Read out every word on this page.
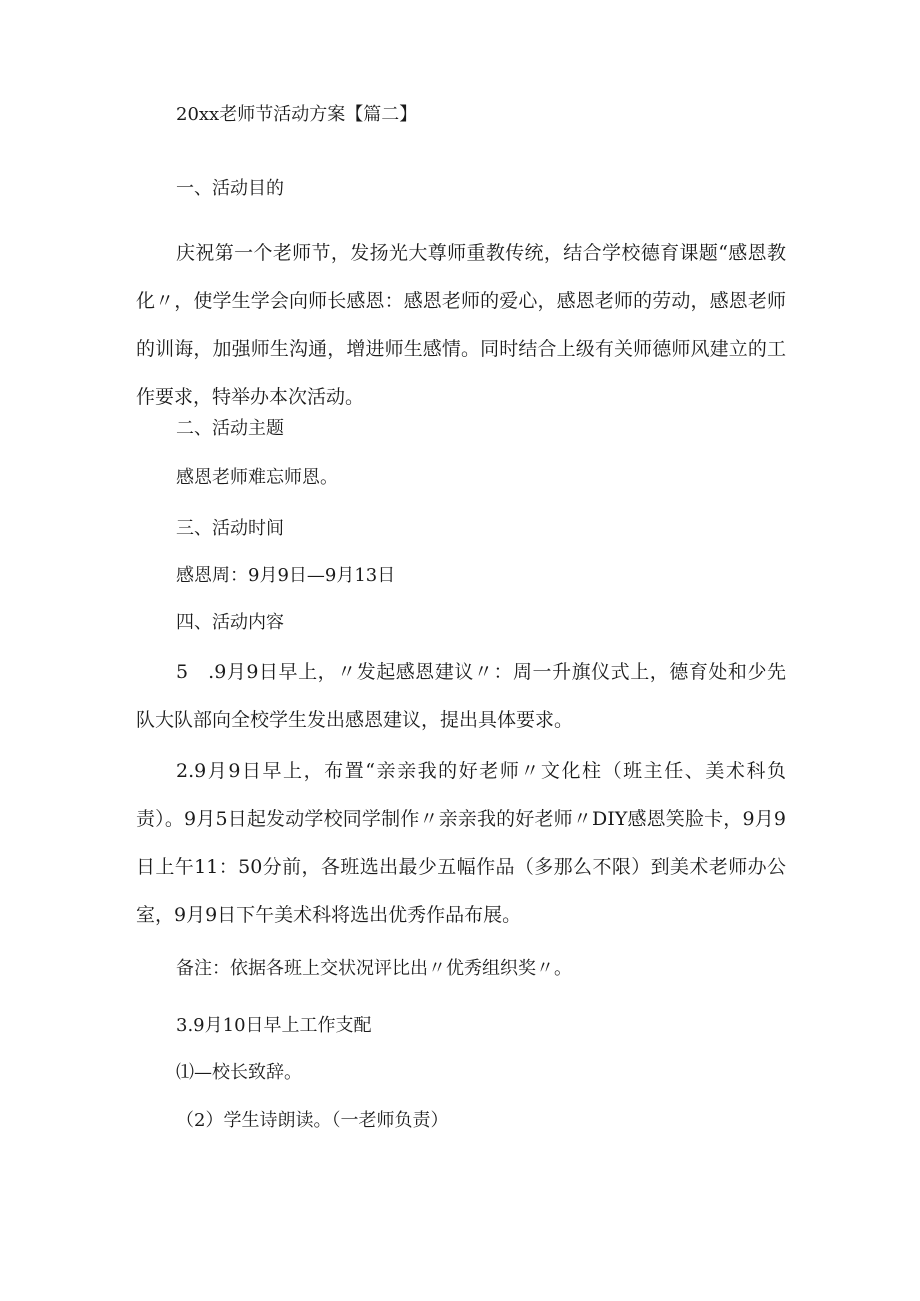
20xx老师节活动方案【篇二】
一、活动目的
庆祝第一个老师节，发扬光大尊师重教传统，结合学校德育课题“感恩教化〃，使学生学会向师长感恩：感恩老师的爱心，感恩老师的劳动，感恩老师的训诲，加强师生沟通，增进师生感情。同时结合上级有关师德师风建立的工作要求，特举办本次活动。
二、活动主题
感恩老师难忘师恩。
三、活动时间
感恩周：9月9日—9月13日
四、活动内容
5　.9月9日早上，〃发起感恩建议〃：周一升旗仪式上，德育处和少先队大队部向全校学生发出感恩建议，提出具体要求。
2.9月9日早上，布置“亲亲我的好老师〃文化柱（班主任、美术科负责）。9月5日起发动学校同学制作〃亲亲我的好老师〃DIY感恩笑脸卡，9月9日上午11：50分前，各班选出最少五幅作品（多那么不限）到美术老师办公室，9月9日下午美术科将选出优秀作品布展。
备注：依据各班上交状况评比出〃优秀组织奖〃。
3.9月10日早上工作支配
⑴—校长致辞。
（2）学生诗朗读。（一老师负责）
